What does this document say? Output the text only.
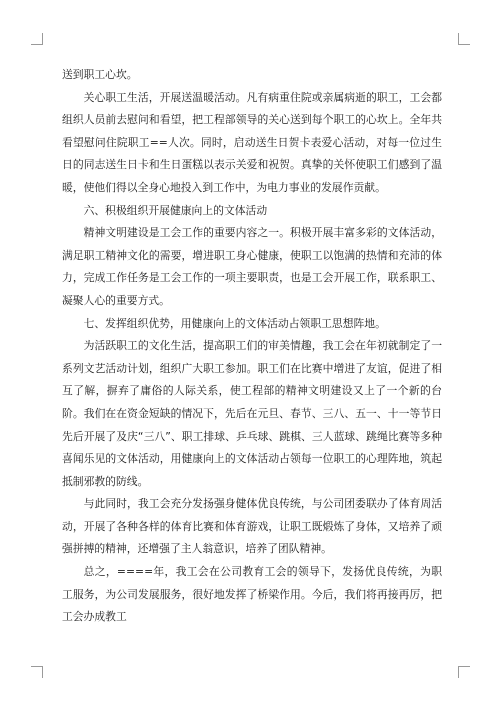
送到职工心坎。

关心职工生活，开展送温暖活动。凡有病重住院或亲属病逝的职工，工会都组织人员前去慰问和看望，把工程部领导的关心送到每个职工的心坎上。全年共看望慰问住院职工==人次。同时，启动送生日贺卡表爱心活动，对每一位过生日的同志送生日卡和生日蛋糕以表示关爱和祝贺。真挚的关怀使职工们感到了温暖，使他们得以全身心地投入到工作中，为电力事业的发展作贡献。

六、积极组织开展健康向上的文体活动

精神文明建设是工会工作的重要内容之一。积极开展丰富多彩的文体活动，满足职工精神文化的需要，增进职工身心健康，使职工以饱满的热情和充沛的体力，完成工作任务是工会工作的一项主要职责，也是工会开展工作，联系职工、凝聚人心的重要方式。

七、发挥组织优势，用健康向上的文体活动占领职工思想阵地。

为活跃职工的文化生活，提高职工们的审美情趣，我工会在年初就制定了一系列文艺活动计划，组织广大职工参加。职工们在比赛中增进了友谊，促进了相互了解，摒弃了庸俗的人际关系，使工程部的精神文明建设又上了一个新的台阶。我们在在资金短缺的情况下，先后在元旦、春节、三八、五一、十一等节日先后开展了及庆“三八”、职工排球、乒乓球、跳棋、三人蓝球、跳绳比赛等多种喜闻乐见的文体活动，用健康向上的文体活动占领每一位职工的心理阵地，筑起抵制邪教的防线。

与此同时，我工会充分发扬强身健体优良传统，与公司团委联办了体育周活动，开展了各种各样的体育比赛和体育游戏，让职工既煅炼了身体，又培养了顽强拼搏的精神，还增强了主人翁意识，培养了团队精神。

总之，====年，我工会在公司教育工会的领导下，发扬优良传统，为职工服务，为公司发展服务，很好地发挥了桥梁作用。今后，我们将再接再厉，把工会办成教工
